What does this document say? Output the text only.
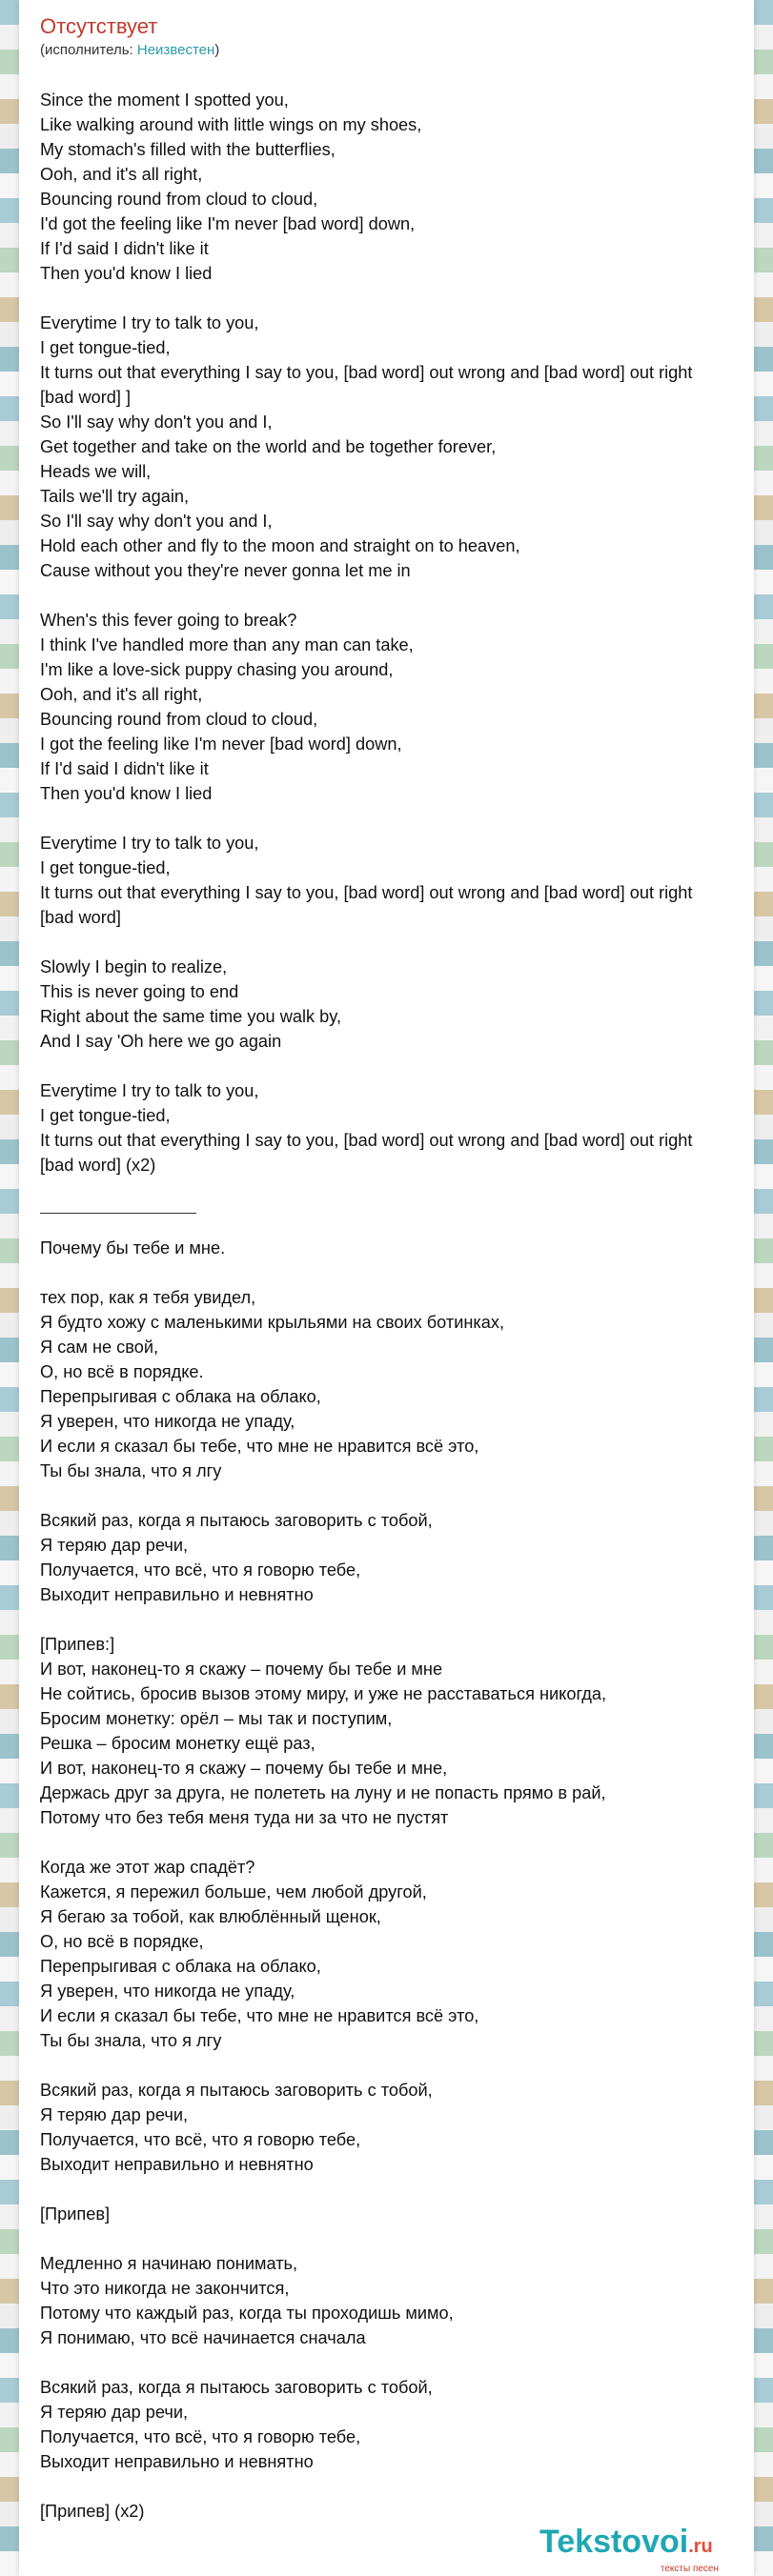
Отсутствует
(исполнитель: Неизвестен)
Since the moment I spotted you,
Like walking around with little wings on my shoes,
My stomach's filled with the butterflies,
Ooh, and it's all right,
Bouncing round from cloud to cloud,
I'd got the feeling like I'm never [bad word] down,
If I'd said I didn't like it
Then you'd know I lied
Everytime I try to talk to you,
I get tongue-tied,
It turns out that everything I say to you, [bad word] out wrong and [bad word] out right
[bad word] ]
So I'll say why don't you and I,
Get together and take on the world and be together forever,
Heads we will,
Tails we'll try again,
So I'll say why don't you and I,
Hold each other and fly to the moon and straight on to heaven,
Cause without you they're never gonna let me in
When's this fever going to break?
I think I've handled more than any man can take,
I'm like a love-sick puppy chasing you around,
Ooh, and it's all right,
Bouncing round from cloud to cloud,
I got the feeling like I'm never [bad word] down,
If I'd said I didn't like it
Then you'd know I lied
Everytime I try to talk to you,
I get tongue-tied,
It turns out that everything I say to you, [bad word] out wrong and [bad word] out right
[bad word]
Slowly I begin to realize,
This is never going to end
Right about the same time you walk by,
And I say 'Oh here we go again
Everytime I try to talk to you,
I get tongue-tied,
It turns out that everything I say to you, [bad word] out wrong and [bad word] out right
[bad word] (x2)
Почему бы тебе и мне.
тех пор, как я тебя увидел,
Я будто хожу с маленькими крыльями на своих ботинках,
Я сам не свой,
О, но всё в порядке.
Перепрыгивая с облака на облако,
Я уверен, что никогда не упаду,
И если я сказал бы тебе, что мне не нравится всё это,
Ты бы знала, что я лгу
Всякий раз, когда я пытаюсь заговорить с тобой,
Я теряю дар речи,
Получается, что всё, что я говорю тебе,
Выходит неправильно и невнятно
[Припев:]
И вот, наконец-то я скажу – почему бы тебе и мне
Не сойтись, бросив вызов этому миру, и уже не расставаться никогда,
Бросим монетку: орёл – мы так и поступим,
Решка – бросим монетку ещё раз,
И вот, наконец-то я скажу – почему бы тебе и мне,
Держась друг за друга, не полететь на луну и не попасть прямо в рай,
Потому что без тебя меня туда ни за что не пустят
Когда же этот жар спадёт?
Кажется, я пережил больше, чем любой другой,
Я бегаю за тобой, как влюблённый щенок,
О, но всё в порядке,
Перепрыгивая с облака на облако,
Я уверен, что никогда не упаду,
И если я сказал бы тебе, что мне не нравится всё это,
Ты бы знала, что я лгу
Всякий раз, когда я пытаюсь заговорить с тобой,
Я теряю дар речи,
Получается, что всё, что я говорю тебе,
Выходит неправильно и невнятно
[Припев]
Медленно я начинаю понимать,
Что это никогда не закончится,
Потому что каждый раз, когда ты проходишь мимо,
Я понимаю, что всё начинается сначала
Всякий раз, когда я пытаюсь заговорить с тобой,
Я теряю дар речи,
Получается, что всё, что я говорю тебе,
Выходит неправильно и невнятно
[Припев] (x2)
Tekstovoi.ru
тексты песен
